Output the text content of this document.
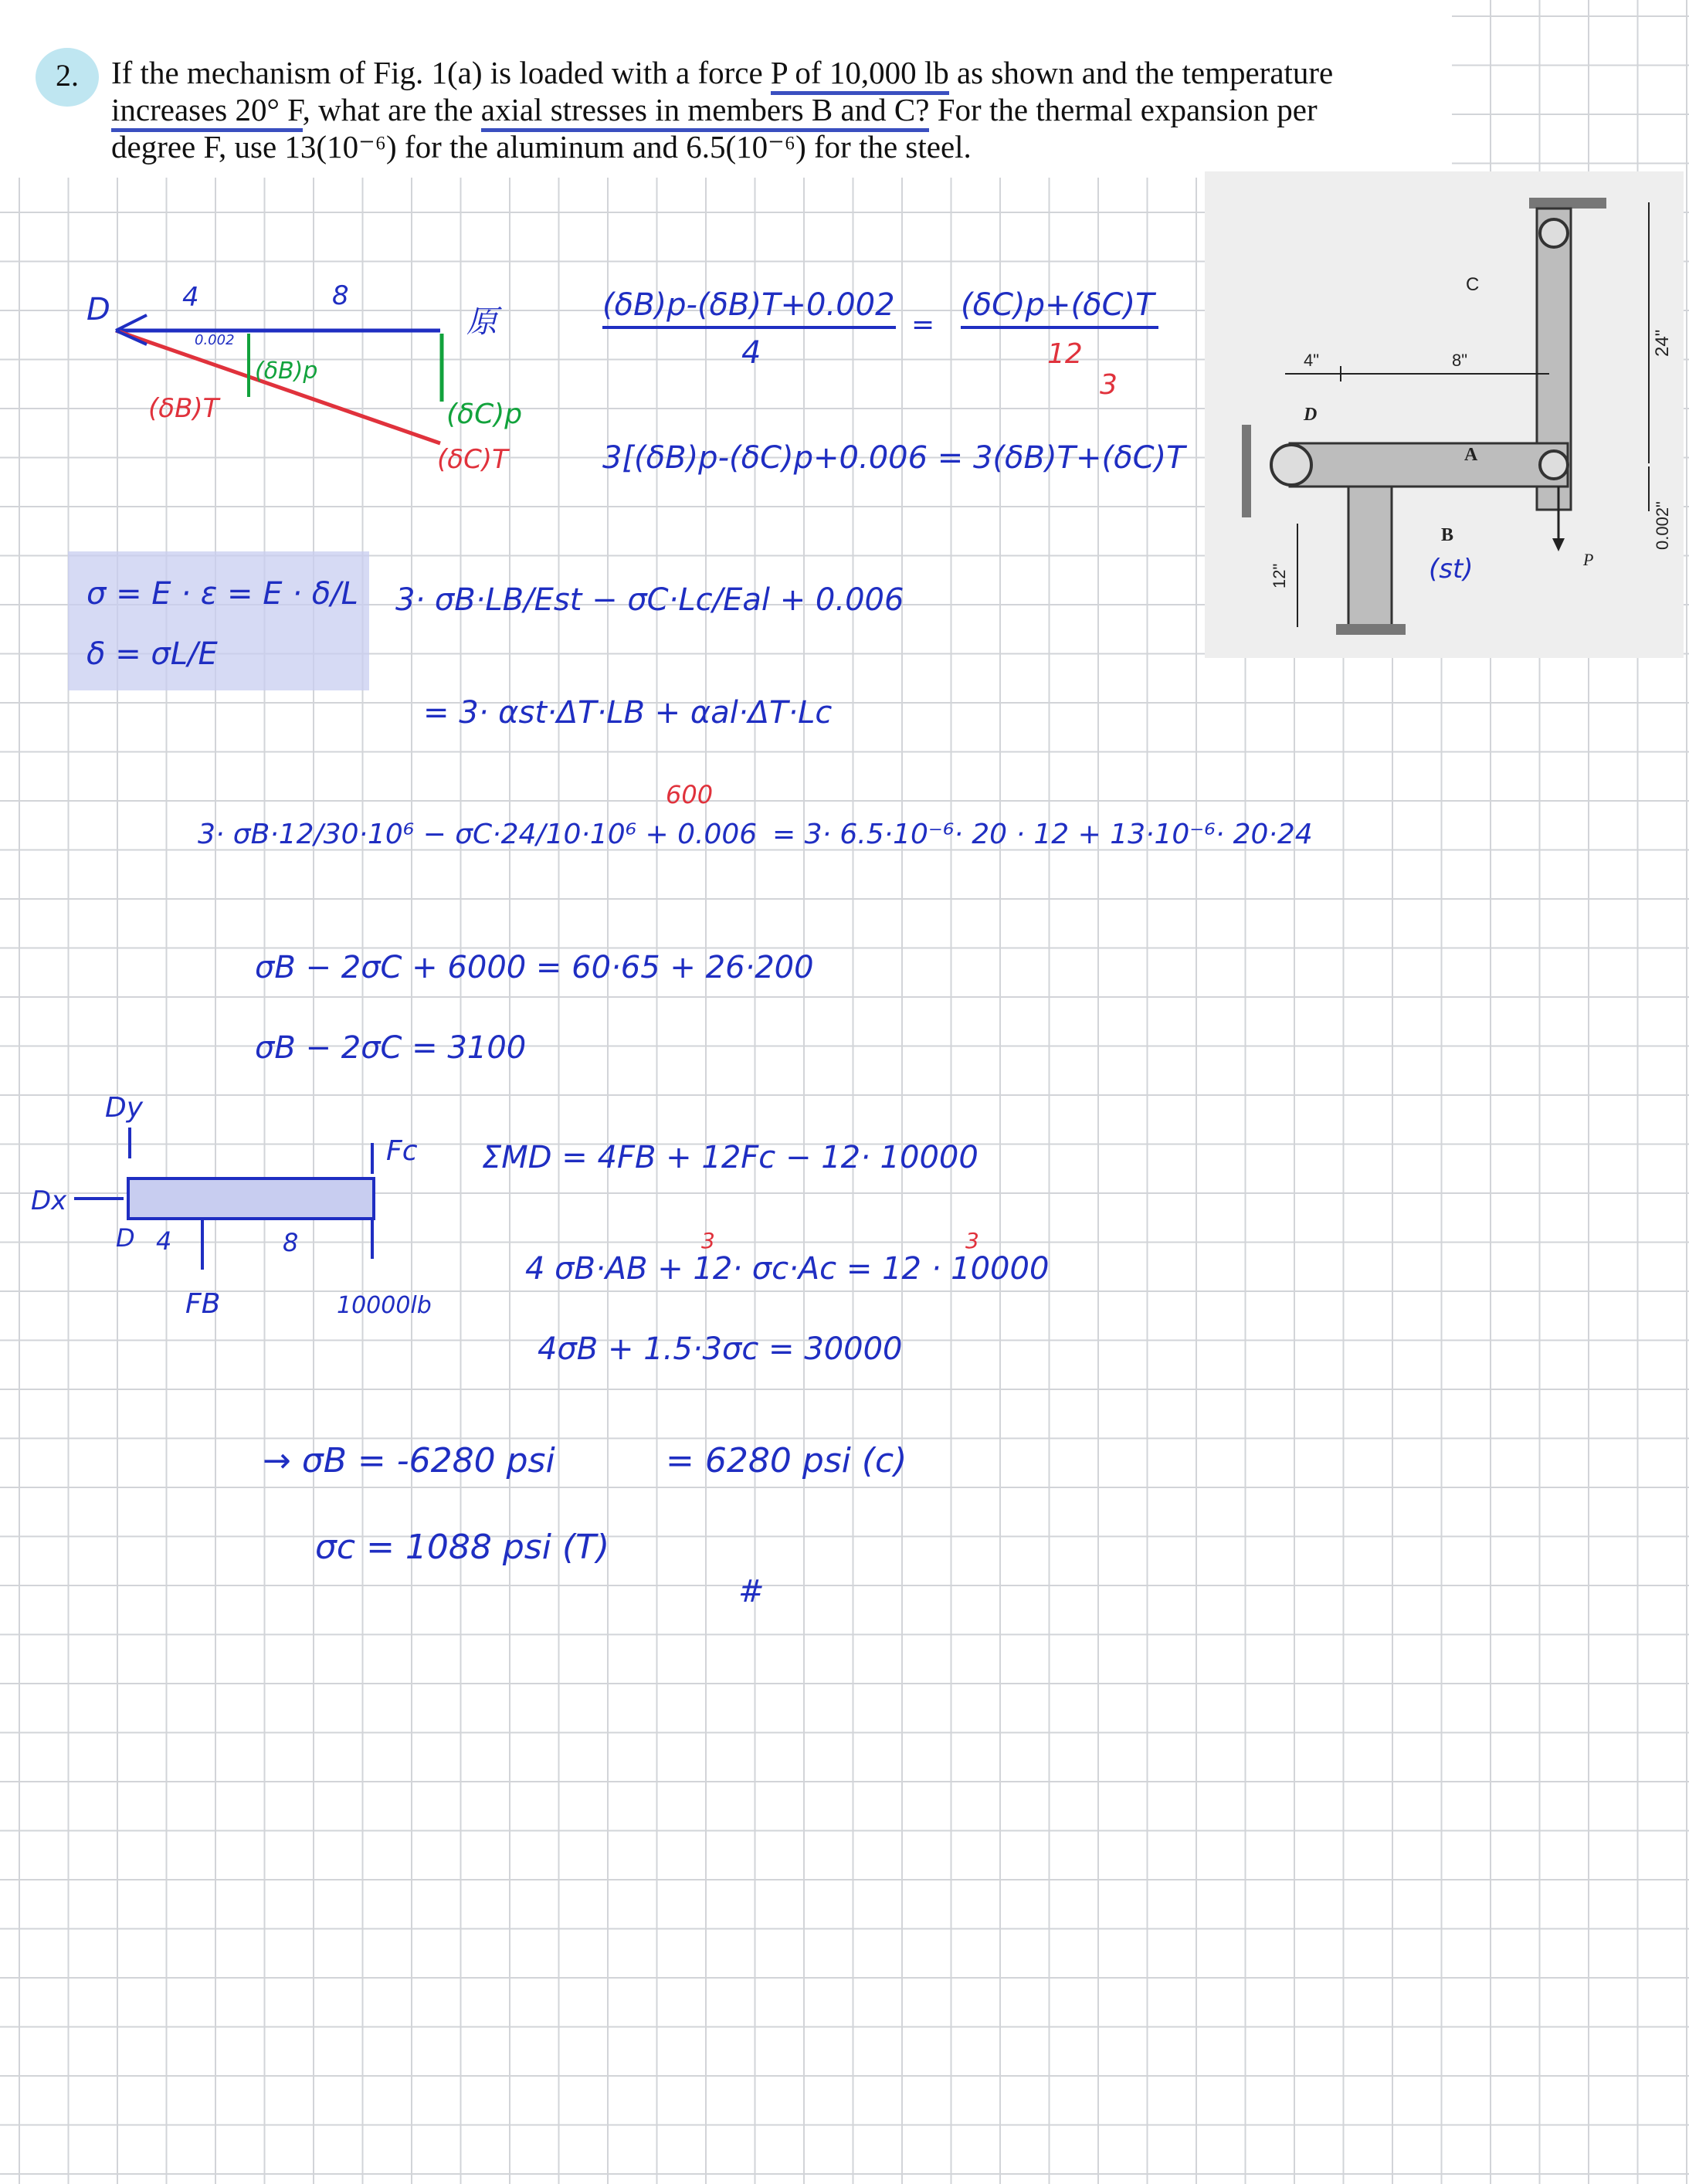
2. If the mechanism of Fig. 1(a) is loaded with a force P of 10,000 lb as shown and the temperature
increases 20° F, what are the axial stresses in members B and C? For the thermal expansion per
degree F, use 13(10⁻⁶) for the aluminum and 6.5(10⁻⁶) for the steel.
4"	8"
24"
0.002"
12"
C
D
A
B
(st)	P
D	4	8
0.002
(δB)p
(δB)T	(δC)p
(δC)T
原	(δB)p-(δB)T+0.002
4
=
(δC)p+(δC)T
12
3
3[(δB)p-(δC)p+0.006 = 3(δB)T+(δC)T
σ = E · ε = E · δ/L
δ = σL/E
3· σB·LB/Est − σC·Lc/Eal + 0.006
= 3· αst·ΔT·LB + αal·ΔT·Lc
600
3· σB·12/30·10⁶ − σC·24/10·10⁶ + 0.006 = 3· 6.5·10⁻⁶· 20 · 12 + 13·10⁻⁶· 20·24
σB − 2σC + 6000 = 60·65 + 26·200
σB − 2σC = 3100
Dy
Dx
D 4	8
FB
Fc
10000lb
ΣMD = 4FB + 12Fc − 12· 10000
3	3
4 σB·AB + 12· σc·Ac = 12 · 10000
4σB + 1.5·3σc = 30000
→ σB = -6280 psi	= 6280 psi (c)
σc = 1088 psi (T)
#
